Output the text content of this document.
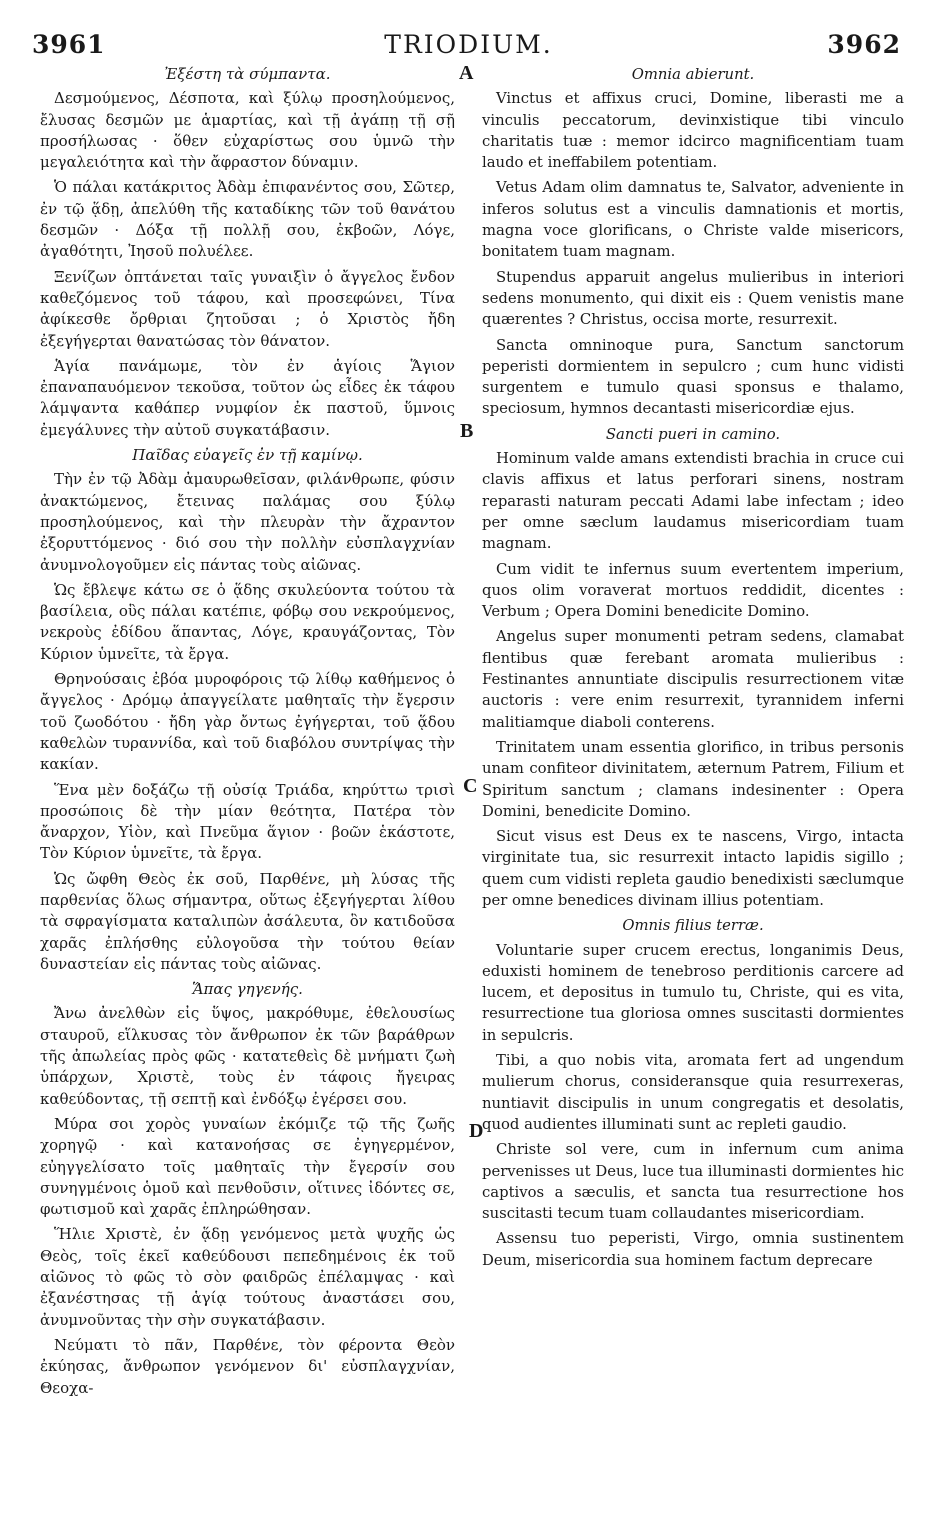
3961	TRIODIUM.	3962

Ἐξέστη τὰ σύμπαντα.

Δεσμούμενος, Δέσποτα, καὶ ξύλῳ προσηλούμενος, ἔλυσας δεσμῶν με ἁμαρτίας, καὶ τῇ ἀγάπῃ τῇ σῇ προσήλωσας · ὅθεν εὐχαρίστως σου ὑμνῶ τὴν μεγαλειότητα καὶ τὴν ἄφραστον δύναμιν.

Ὁ πάλαι κατάκριτος Ἀδὰμ ἐπιφανέντος σου, Σῶτερ, ἐν τῷ ᾅδῃ, ἀπελύθη τῆς καταδίκης τῶν τοῦ θανάτου δεσμῶν · Δόξα τῇ πολλῇ σου, ἐκβοῶν, Λόγε, ἀγαθότητι, Ἰησοῦ πολυέλεε.

Ξενίζων ὀπτάνεται ταῖς γυναιξὶν ὁ ἄγγελος ἔνδον καθεζόμενος τοῦ τάφου, καὶ προσεφώνει, Τίνα ἀφίκεσθε ὄρθριαι ζητοῦσαι ; ὁ Χριστὸς ἤδη ἐξεγήγερται θανατώσας τὸν θάνατον.

Ἁγία πανάμωμε, τὸν ἐν ἁγίοις Ἅγιον ἐπαναπαυόμενον τεκοῦσα, τοῦτον ὡς εἶδες ἐκ τάφου λάμψαντα καθάπερ νυμφίον ἐκ παστοῦ, ὕμνοις ἐμεγάλυνες τὴν αὐτοῦ συγκατάβασιν.

Παῖδας εὐαγεῖς ἐν τῇ καμίνῳ.

Τὴν ἐν τῷ Ἀδὰμ ἀμαυρωθεῖσαν, φιλάνθρωπε, φύσιν ἀνακτώμενος, ἔτεινας παλάμας σου ξύλῳ προσηλούμενος, καὶ τὴν πλευρὰν τὴν ἄχραντον ἐξορυττόμενος · διό σου τὴν πολλὴν εὐσπλαγχνίαν ἀνυμνολογοῦμεν εἰς πάντας τοὺς αἰῶνας.

Ὡς ἔβλεψε κάτω σε ὁ ᾅδης σκυλεύοντα τούτου τὰ βασίλεια, οὓς πάλαι κατέπιε, φόβῳ σου νεκρούμενος, νεκροὺς ἐδίδου ἅπαντας, Λόγε, κραυγάζοντας, Τὸν Κύριον ὑμνεῖτε, τὰ ἔργα.

Θρηνούσαις ἐβόα μυροφόροις τῷ λίθῳ καθήμενος ὁ ἄγγελος · Δρόμῳ ἀπαγγείλατε μαθηταῖς τὴν ἔγερσιν τοῦ ζωοδότου · ἤδη γὰρ ὄντως ἐγήγερται, τοῦ ᾅδου καθελὼν τυραννίδα, καὶ τοῦ διαβόλου συντρίψας τὴν κακίαν.

Ἕνα μὲν δοξάζω τῇ οὐσίᾳ Τριάδα, κηρύττω τρισὶ προσώποις δὲ τὴν μίαν θεότητα, Πατέρα τὸν ἄναρχον, Υἱὸν, καὶ Πνεῦμα ἅγιον · βοῶν ἑκάστοτε, Τὸν Κύριον ὑμνεῖτε, τὰ ἔργα.

Ὡς ὤφθη Θεὸς ἐκ σοῦ, Παρθένε, μὴ λύσας τῆς παρθενίας ὅλως σήμαντρα, οὕτως ἐξεγήγερται λίθου τὰ σφραγίσματα καταλιπὼν ἀσάλευτα, ὃν κατιδοῦσα χαρᾶς ἐπλήσθης εὐλογοῦσα τὴν τούτου θείαν δυναστείαν εἰς πάντας τοὺς αἰῶνας.

Ἅπας γηγενής.

Ἄνω ἀνελθὼν εἰς ὕψος, μακρόθυμε, ἐθελουσίως σταυροῦ, εἵλκυσας τὸν ἄνθρωπον ἐκ τῶν βαράθρων τῆς ἀπωλείας πρὸς φῶς · κατατεθεὶς δὲ μνήματι ζωὴ ὑπάρχων, Χριστὲ, τοὺς ἐν τάφοις ἤγειρας καθεύδοντας, τῇ σεπτῇ καὶ ἐνδόξῳ ἐγέρσει σου.

Μύρα σοι χορὸς γυναίων ἐκόμιζε τῷ τῆς ζωῆς χορηγῷ · καὶ κατανοήσας σε ἐγηγερμένον, εὐηγγελίσατο τοῖς μαθηταῖς τὴν ἔγερσίν σου συνηγμένοις ὁμοῦ καὶ πενθοῦσιν, οἵτινες ἰδόντες σε, φωτισμοῦ καὶ χαρᾶς ἐπληρώθησαν.

Ἥλιε Χριστὲ, ἐν ᾅδῃ γενόμενος μετὰ ψυχῆς ὡς Θεὸς, τοῖς ἐκεῖ καθεύδουσι πεπεδημένοις ἐκ τοῦ αἰῶνος τὸ φῶς τὸ σὸν φαιδρῶς ἐπέλαμψας · καὶ ἐξανέστησας τῇ ἁγίᾳ τούτους ἀναστάσει σου, ἀνυμνοῦντας τὴν σὴν συγκατάβασιν.

Νεύματι τὸ πᾶν, Παρθένε, τὸν φέροντα Θεὸν ἐκύησας, ἄνθρωπον γενόμενον δι' εὐσπλαγχνίαν, Θεοχα-

Omnia abierunt.

Vinctus et affixus cruci, Domine, liberasti me a vinculis peccatorum, devinxistique tibi vinculo charitatis tuæ : memor idcirco magnificentiam tuam laudo et ineffabilem potentiam.

Vetus Adam olim damnatus te, Salvator, adveniente in inferos solutus est a vinculis damnationis et mortis, magna voce glorificans, o Christe valde misericors, bonitatem tuam magnam.

Stupendus apparuit angelus mulieribus in interiori sedens monumento, qui dixit eis : Quem venistis mane quærentes ? Christus, occisa morte, resurrexit.

Sancta omninoque pura, Sanctum sanctorum peperisti dormientem in sepulcro ; cum hunc vidisti surgentem e tumulo quasi sponsus e thalamo, speciosum, hymnos decantasti misericordiæ ejus.

Sancti pueri in camino.

Hominum valde amans extendisti brachia in cruce cui clavis affixus et latus perforari sinens, nostram reparasti naturam peccati Adami labe infectam ; ideo per omne sæclum laudamus misericordiam tuam magnam.

Cum vidit te infernus suum evertentem imperium, quos olim voraverat mortuos reddidit, dicentes : Verbum ; Opera Domini benedicite Domino.

Angelus super monumenti petram sedens, clamabat flentibus quæ ferebant aromata mulieribus : Festinantes annuntiate discipulis resurrectionem vitæ auctoris : vere enim resurrexit, tyrannidem inferni malitiamque diaboli conterens.

Trinitatem unam essentia glorifico, in tribus personis unam confiteor divinitatem, æternum Patrem, Filium et Spiritum sanctum ; clamans indesinenter : Opera Domini, benedicite Domino.

Sicut visus est Deus ex te nascens, Virgo, intacta virginitate tua, sic resurrexit intacto lapidis sigillo ; quem cum vidisti repleta gaudio benedixisti sæclumque per omne benedices divinam illius potentiam.

Omnis filius terræ.

Voluntarie super crucem erectus, longanimis Deus, eduxisti hominem de tenebroso perditionis carcere ad lucem, et depositus in tumulo tu, Christe, qui es vita, resurrectione tua gloriosa omnes suscitasti dormientes in sepulcris.

Tibi, a quo nobis vita, aromata fert ad ungendum mulierum chorus, consideransque quia resurrexeras, nuntiavit discipulis in unum congregatis et desolatis, quod audientes illuminati sunt ac repleti gaudio.

Christe sol vere, cum in infernum cum anima pervenisses ut Deus, luce tua illuminasti dormientes hic captivos a sæculis, et sancta tua resurrectione hos suscitasti tecum tuam collaudantes misericordiam.

Assensu tuo peperisti, Virgo, omnia sustinentem Deum, misericordia sua hominem factum deprecare

A
B
C
D
